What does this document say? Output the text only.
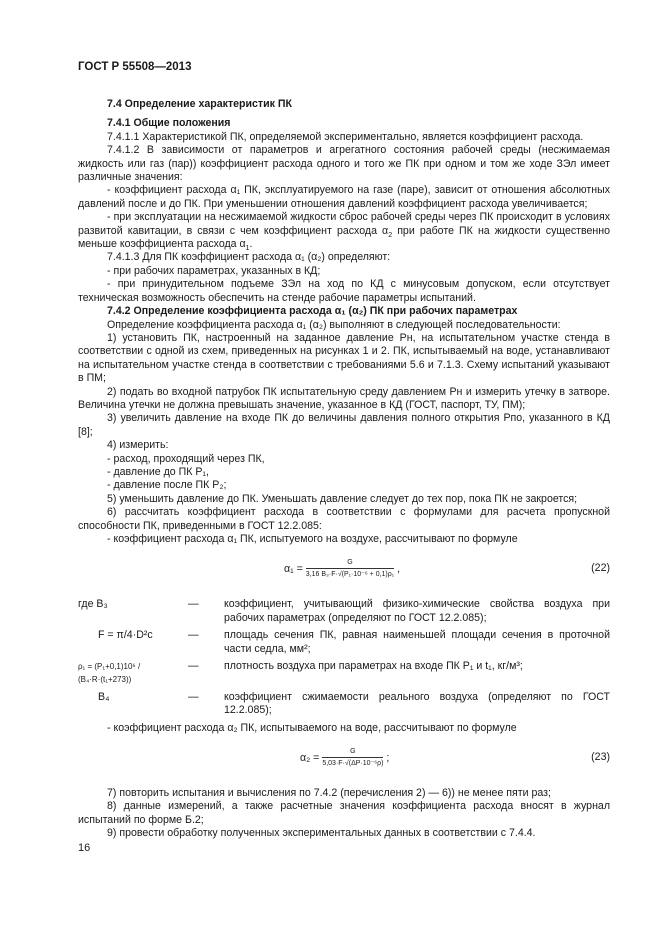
ГОСТ Р 55508—2013

7.4 Определение характеристик ПК

7.4.1 Общие положения

7.4.1.1 Характеристикой ПК, определяемой экспериментально, является коэффициент расхода.

7.4.1.2 В зависимости от параметров и агрегатного состояния рабочей среды (несжимаемая жидкость или газ (пар)) коэффициент расхода одного и того же ПК при одном и том же ходе ЗЭл имеет различные значения:

- коэффициент расхода α₁ ПК, эксплуатируемого на газе (паре), зависит от отношения абсолютных давлений после и до ПК. При уменьшении отношения давлений коэффициент расхода увеличивается;

- при эксплуатации на несжимаемой жидкости сброс рабочей среды через ПК происходит в условиях развитой кавитации, в связи с чем коэффициент расхода $\alpha_2$ при работе ПК на жидкости существенно меньше коэффициента расхода $\alpha_1$.

7.4.1.3 Для ПК коэффициент расхода α₁ (α₂) определяют:

- при рабочих параметрах, указанных в КД;

- при принудительном подъеме ЗЭл на ход по КД с минусовым допуском, если отсутствует техническая возможность обеспечить на стенде рабочие параметры испытаний.

7.4.2 Определение коэффициента расхода α₁ (α₂) ПК при рабочих параметрах

Определение коэффициента расхода α₁ (α₂) выполняют в следующей последовательности:

1) установить ПК, настроенный на заданное давление Рн, на испытательном участке стенда в соответствии с одной из схем, приведенных на рисунках 1 и 2. ПК, испытываемый на воде, устанавливают на испытательном участке стенда в соответствии с требованиями 5.6 и 7.1.3. Схему испытаний указывают в ПМ;

2) подать во входной патрубок ПК испытательную среду давлением Рн и измерить утечку в затворе. Величина утечки не должна превышать значение, указанное в КД (ГОСТ, паспорт, ТУ, ПМ);

3) увеличить давление на входе ПК до величины давления полного открытия Рпо, указанного в КД [8];

4) измерить:

- расход, проходящий через ПК,

- давление до ПК Р₁,

- давление после ПК Р₂;

5) уменьшить давление до ПК. Уменьшать давление следует до тех пор, пока ПК не закроется;

6) рассчитать коэффициент расхода в соответствии с формулами для расчета пропускной способности ПК, приведенными в ГОСТ 12.2.085:

- коэффициент расхода α₁ ПК, испытуемого на воздухе, рассчитывают по формуле

$\alpha_1 = \frac{G}{\text{3,16 B₃·F·√(P₁·10⁻⁶ + 0,1)ρ₁}}$ ,	(22)
где B₃	—	коэффициент, учитывающий физико-химические свойства воздуха при рабочих параметрах (определяют по ГОСТ 12.2.085);
F = π/4·D²c	—	площадь сечения ПК, равная наименьшей площади сечения в проточной части седла, мм²;
ρ₁ = (P₁+0,1)10⁶ / (B₄·R·(t₁+273))
—	плотность воздуха при параметрах на входе ПК P₁ и t₁, кг/м³;
B₄	—	коэффициент сжимаемости реального воздуха (определяют по ГОСТ 12.2.085);

- коэффициент расхода α₂ ПК, испытываемого на воде, рассчитывают по формуле

$\alpha_2 = \frac{G}{\text{5,03·F·√(ΔP·10⁻⁶ρ)}}$ ;	(23)

7) повторить испытания и вычисления по 7.4.2 (перечисления 2) — 6)) не менее пяти раз;

8) данные измерений, а также расчетные значения коэффициента расхода вносят в журнал испытаний по форме Б.2;

9) провести обработку полученных экспериментальных данных в соответствии с 7.4.4.

16
